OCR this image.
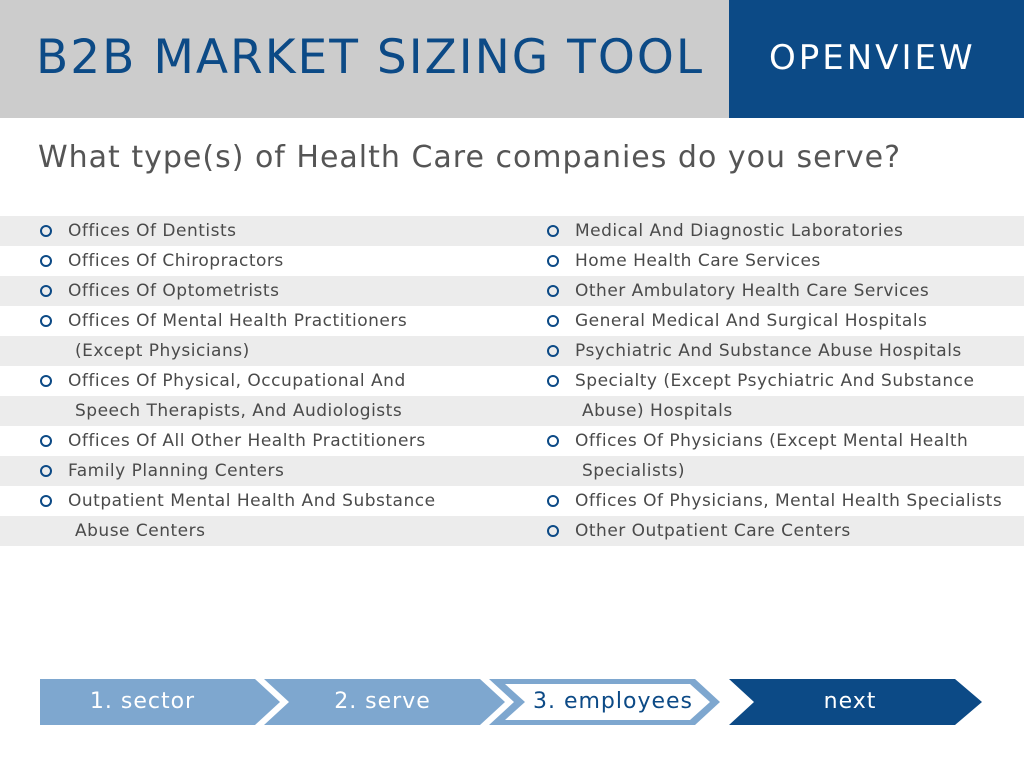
B2B MARKET SIZING TOOL OPENVIEW
What type(s) of Health Care companies do you serve?
Offices Of Dentists
Offices Of Chiropractors
Offices Of Optometrists
Offices Of Mental Health Practitioners
(Except Physicians)
Offices Of Physical, Occupational And
Speech Therapists, And Audiologists
Offices Of All Other Health Practitioners
Family Planning Centers
Outpatient Mental Health And Substance
Abuse Centers
Medical And Diagnostic Laboratories
Home Health Care Services
Other Ambulatory Health Care Services
General Medical And Surgical Hospitals
Psychiatric And Substance Abuse Hospitals
Specialty (Except Psychiatric And Substance
Abuse) Hospitals
Offices Of Physicians (Except Mental Health
Specialists)
Offices Of Physicians, Mental Health Specialists
Other Outpatient Care Centers
1. sector	2. serve	3. employees	next
